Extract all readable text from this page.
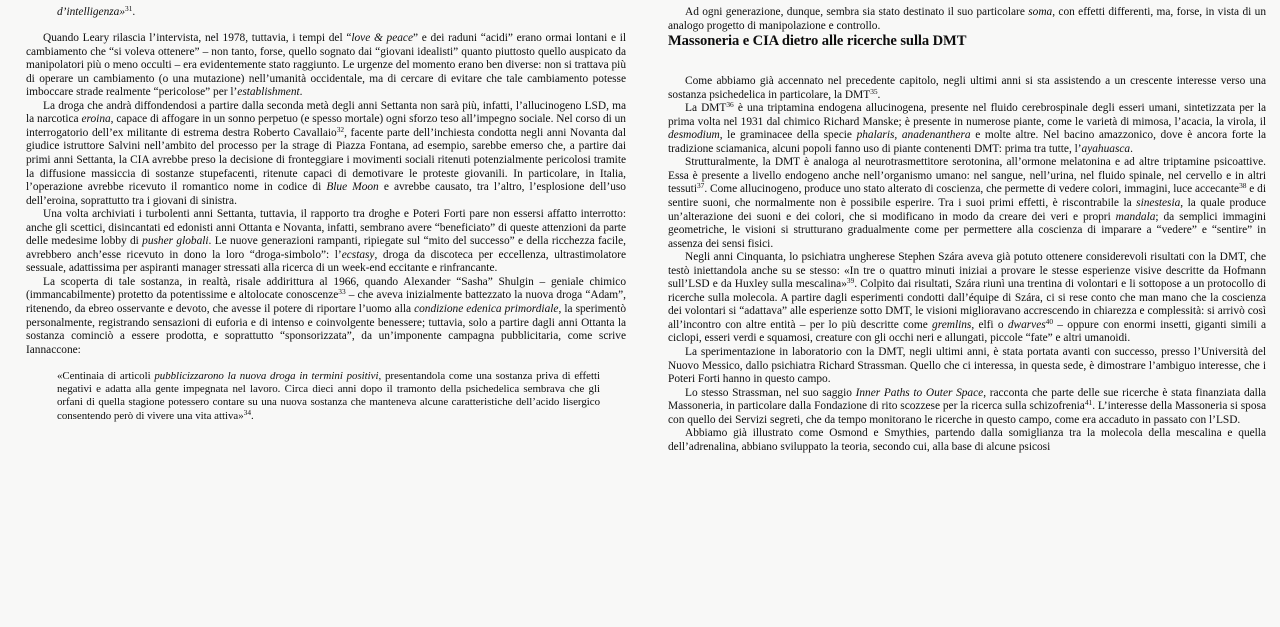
d’intelligenza»$^{31}$.

Quando Leary rilascia l’intervista, nel 1978, tuttavia, i tempi del “love & peace” e dei raduni “acidi” erano ormai lontani e il cambiamento che “si voleva ottenere” – non tanto, forse, quello sognato dai “giovani idealisti” quanto piuttosto quello auspicato da manipolatori più o meno occulti – era evidentemente stato raggiunto. Le urgenze del momento erano ben diverse: non si trattava più di operare un cambiamento (o una mutazione) nell’umanità occidentale, ma di cercare di evitare che tale cambiamento potesse imboccare strade realmente “pericolose” per l’establishment.

La droga che andrà diffondendosi a partire dalla seconda metà degli anni Settanta non sarà più, infatti, l’allucinogeno LSD, ma la narcotica eroina, capace di affogare in un sonno perpetuo (e spesso mortale) ogni sforzo teso all’impegno sociale. Nel corso di un interrogatorio dell’ex militante di estrema destra Roberto Cavallaio$^{32}$, facente parte dell’inchiesta condotta negli anni Novanta dal giudice istruttore Salvini nell’ambito del processo per la strage di Piazza Fontana, ad esempio, sarebbe emerso che, a partire dai primi anni Settanta, la CIA avrebbe preso la decisione di fronteggiare i movimenti sociali ritenuti potenzialmente pericolosi tramite la diffusione massiccia di sostanze stupefacenti, ritenute capaci di demotivare le proteste giovanili. In particolare, in Italia, l’operazione avrebbe ricevuto il romantico nome in codice di Blue Moon e avrebbe causato, tra l’altro, l’esplosione dell’uso dell’eroina, soprattutto tra i giovani di sinistra.

Una volta archiviati i turbolenti anni Settanta, tuttavia, il rapporto tra droghe e Poteri Forti pare non essersi affatto interrotto: anche gli scettici, disincantati ed edonisti anni Ottanta e Novanta, infatti, sembrano avere “beneficiato” di queste attenzioni da parte delle medesime lobby di pusher globali. Le nuove generazioni rampanti, ripiegate sul “mito del successo” e della ricchezza facile, avrebbero anch’esse ricevuto in dono la loro “droga-simbolo”: l’ecstasy, droga da discoteca per eccellenza, ultrastimolatore sessuale, adattissima per aspiranti manager stressati alla ricerca di un week-end eccitante e rinfrancante.

La scoperta di tale sostanza, in realtà, risale addirittura al 1966, quando Alexander “Sasha” Shulgin – geniale chimico (immancabilmente) protetto da potentissime e altolocate conoscenze$^{33}$ – che aveva inizialmente battezzato la nuova droga “Adam”, ritenendo, da ebreo osservante e devoto, che avesse il potere di riportare l’uomo alla condizione edenica primordiale, la sperimentò personalmente, registrando sensazioni di euforia e di intenso e coinvolgente benessere; tuttavia, solo a partire dagli anni Ottanta la sostanza cominciò a essere prodotta, e soprattutto “sponsorizzata”, da un’imponente campagna pubblicitaria, come scrive Iannaccone:

«Centinaia di articoli pubblicizzarono la nuova droga in termini positivi, presentandola come una sostanza priva di effetti negativi e adatta alla gente impegnata nel lavoro. Circa dieci anni dopo il tramonto della psichedelica sembrava che gli orfani di quella stagione potessero contare su una nuova sostanza che manteneva alcune caratteristiche dell’acido lisergico consentendo però di vivere una vita attiva»$^{34}$.

Ad ogni generazione, dunque, sembra sia stato destinato il suo particolare soma, con effetti differenti, ma, forse, in vista di un analogo progetto di manipolazione e controllo.

Massoneria e CIA dietro alle ricerche sulla DMT

Come abbiamo già accennato nel precedente capitolo, negli ultimi anni si sta assistendo a un crescente interesse verso una sostanza psichedelica in particolare, la DMT$^{35}$.

La DMT$^{36}$ è una triptamina endogena allucinogena, presente nel fluido cerebrospinale degli esseri umani, sintetizzata per la prima volta nel 1931 dal chimico Richard Manske; è presente in numerose piante, come le varietà di mimosa, l’acacia, la virola, il desmodium, le graminacee della specie phalaris, anadenanthera e molte altre. Nel bacino amazzonico, dove è ancora forte la tradizione sciamanica, alcuni popoli fanno uso di piante contenenti DMT: prima tra tutte, l’ayahuasca.

Strutturalmente, la DMT è analoga al neurotrasmettitore serotonina, all’ormone melatonina e ad altre triptamine psicoattive. Essa è presente a livello endogeno anche nell’organismo umano: nel sangue, nell’urina, nel fluido spinale, nel cervello e in altri tessuti$^{37}$. Come allucinogeno, produce uno stato alterato di coscienza, che permette di vedere colori, immagini, luce accecante$^{38}$ e di sentire suoni, che normalmente non è possibile esperire. Tra i suoi primi effetti, è riscontrabile la sinestesia, la quale produce un’alterazione dei suoni e dei colori, che si modificano in modo da creare dei veri e propri mandala; da semplici immagini geometriche, le visioni si strutturano gradualmente come per permettere alla coscienza di imparare a “vedere” e “sentire” in assenza dei sensi fisici.

Negli anni Cinquanta, lo psichiatra ungherese Stephen Szára aveva già potuto ottenere considerevoli risultati con la DMT, che testò iniettandola anche su se stesso: «In tre o quattro minuti iniziai a provare le stesse esperienze visive descritte da Hofmann sull’LSD e da Huxley sulla mescalina»$^{39}$. Colpito dai risultati, Szára riunì una trentina di volontari e li sottopose a un protocollo di ricerche sulla molecola. A partire dagli esperimenti condotti dall’équipe di Szára, ci si rese conto che man mano che la coscienza dei volontari si “adattava” alle esperienze sotto DMT, le visioni miglioravano accrescendo in chiarezza e complessità: si arrivò così all’incontro con altre entità – per lo più descritte come gremlins, elfi o dwarves$^{40}$ – oppure con enormi insetti, giganti simili a ciclopi, esseri verdi e squamosi, creature con gli occhi neri e allungati, piccole “fate” e altri umanoidi.

La sperimentazione in laboratorio con la DMT, negli ultimi anni, è stata portata avanti con successo, presso l’Università del Nuovo Messico, dallo psichiatra Richard Strassman. Quello che ci interessa, in questa sede, è dimostrare l’ambiguo interesse, che i Poteri Forti hanno in questo campo.

Lo stesso Strassman, nel suo saggio Inner Paths to Outer Space, racconta che parte delle sue ricerche è stata finanziata dalla Massoneria, in particolare dalla Fondazione di rito scozzese per la ricerca sulla schizofrenia$^{41}$. L’interesse della Massoneria si sposa con quello dei Servizi segreti, che da tempo monitorano le ricerche in questo campo, come era accaduto in passato con l’LSD.

Abbiamo già illustrato come Osmond e Smythies, partendo dalla somiglianza tra la molecola della mescalina e quella dell’adrenalina, abbiano sviluppato la teoria, secondo cui, alla base di alcune psicosi
